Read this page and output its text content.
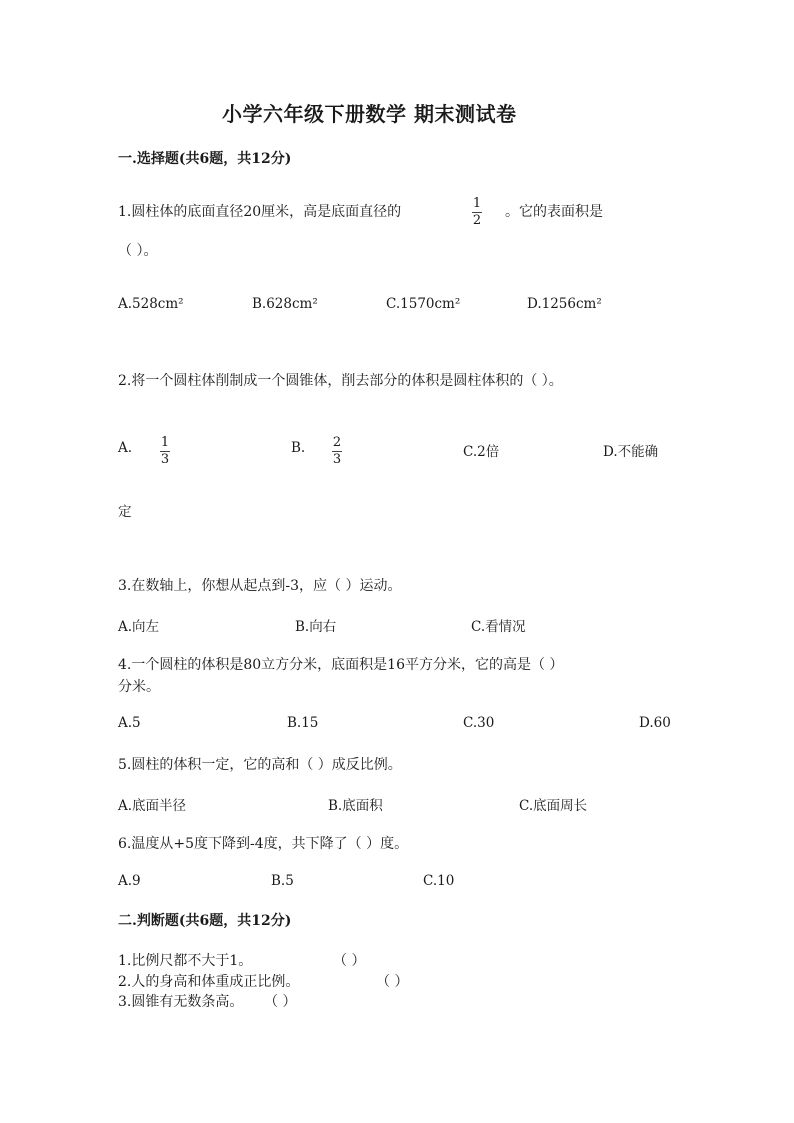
小学六年级下册数学 期末测试卷
一.选择题(共6题，共12分)
1.圆柱体的底面直径20厘米，高是底面直径的
1
2
。它的表面积是
（ ）。
A.528cm²	B.628cm²	C.1570cm²	D.1256cm²
2.将一个圆柱体削制成一个圆锥体，削去部分的体积是圆柱体积的（ ）。
A. 1
3
B. 2
3	C.2倍	D.不能确
定
3.在数轴上，你想从起点到-3，应（ ）运动。
A.向左	B.向右	C.看情况
4.一个圆柱的体积是80立方分米，底面积是16平方分米，它的高是（ ）
分米。
A.5	B.15	C.30	D.60
5.圆柱的体积一定，它的高和（ ）成反比例。
A.底面半径	B.底面积	C.底面周长
6.温度从+5度下降到-4度，共下降了（ ）度。
A.9	B.5	C.10
二.判断题(共6题，共12分)
1.比例尺都不大于1。	（ ）
2.人的身高和体重成正比例。	（ ）
3.圆锥有无数条高。 （ ）
